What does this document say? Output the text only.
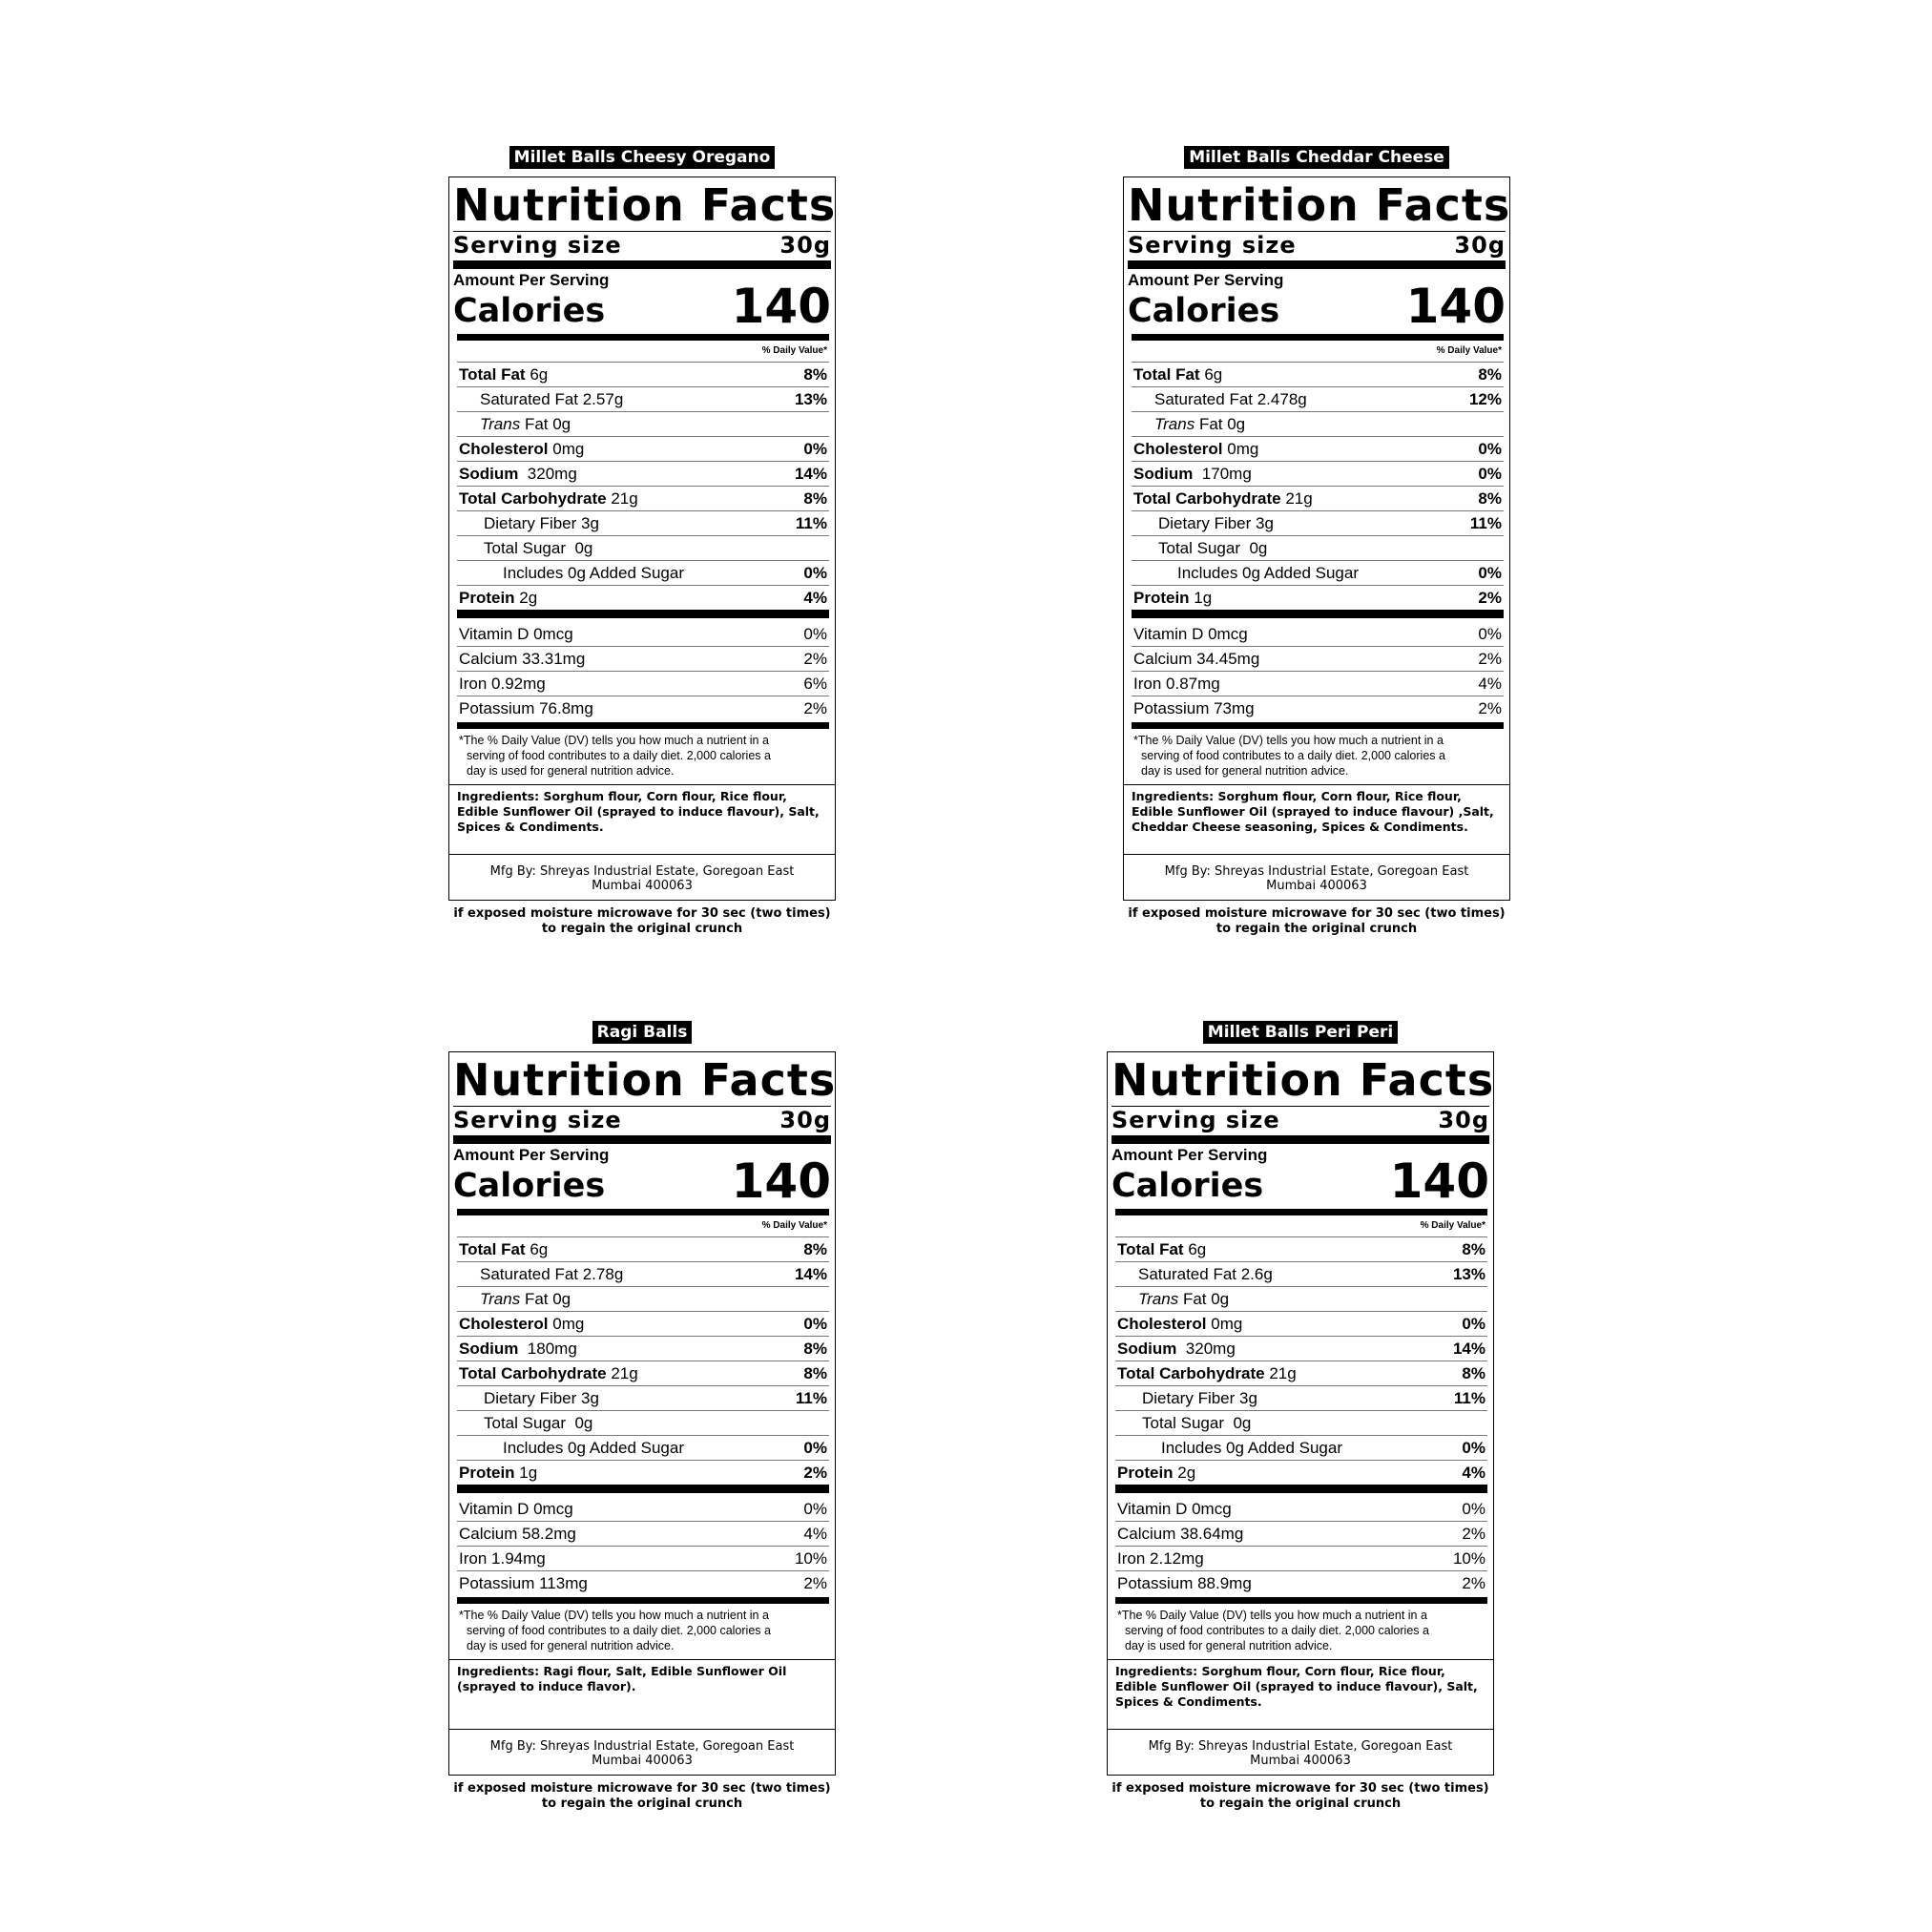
Millet Balls Cheesy Oregano
Nutrition Facts
Serving size	30g
Amount Per Serving
Calories	140
% Daily Value*
Total Fat 6g	8%
Saturated Fat 2.57g	13%
Trans Fat 0g
Cholesterol 0mg	0%
Sodium 320mg	14%
Total Carbohydrate 21g	8%
Dietary Fiber 3g	11%
Total Sugar  0g
Includes 0g Added Sugar	0%
Protein 2g	4%
Vitamin D 0mcg	0%
Calcium 33.31mg	2%
Iron 0.92mg	6%
Potassium 76.8mg	2%
*The % Daily Value (DV) tells you how much a nutrient in a
serving of food contributes to a daily diet. 2,000 calories a
day is used for general nutrition advice.
Ingredients: Sorghum flour, Corn flour, Rice flour, Edible Sunflower Oil (sprayed to induce flavour), Salt, Spices & Condiments.
Mfg By: Shreyas Industrial Estate, Goregoan East
Mumbai 400063
if exposed moisture microwave for 30 sec (two times)
to regain the original crunch
Millet Balls Cheddar Cheese
Nutrition Facts
Serving size	30g
Amount Per Serving
Calories	140
% Daily Value*
Total Fat 6g	8%
Saturated Fat 2.478g	12%
Trans Fat 0g
Cholesterol 0mg	0%
Sodium 170mg	0%
Total Carbohydrate 21g	8%
Dietary Fiber 3g	11%
Total Sugar  0g
Includes 0g Added Sugar	0%
Protein 1g	2%
Vitamin D 0mcg	0%
Calcium 34.45mg	2%
Iron 0.87mg	4%
Potassium 73mg	2%
*The % Daily Value (DV) tells you how much a nutrient in a
serving of food contributes to a daily diet. 2,000 calories a
day is used for general nutrition advice.
Ingredients: Sorghum flour, Corn flour, Rice flour, Edible Sunflower Oil (sprayed to induce flavour) ,Salt, Cheddar Cheese seasoning, Spices & Condiments.
Mfg By: Shreyas Industrial Estate, Goregoan East
Mumbai 400063
if exposed moisture microwave for 30 sec (two times)
to regain the original crunch
Ragi Balls
Nutrition Facts
Serving size	30g
Amount Per Serving
Calories	140
% Daily Value*
Total Fat 6g	8%
Saturated Fat 2.78g	14%
Trans Fat 0g
Cholesterol 0mg	0%
Sodium 180mg	8%
Total Carbohydrate 21g	8%
Dietary Fiber 3g	11%
Total Sugar  0g
Includes 0g Added Sugar	0%
Protein 1g	2%
Vitamin D 0mcg	0%
Calcium 58.2mg	4%
Iron 1.94mg	10%
Potassium 113mg	2%
*The % Daily Value (DV) tells you how much a nutrient in a
serving of food contributes to a daily diet. 2,000 calories a
day is used for general nutrition advice.
Ingredients: Ragi flour, Salt, Edible Sunflower Oil (sprayed to induce flavor).
Mfg By: Shreyas Industrial Estate, Goregoan East
Mumbai 400063
if exposed moisture microwave for 30 sec (two times)
to regain the original crunch
Millet Balls Peri Peri
Nutrition Facts
Serving size	30g
Amount Per Serving
Calories	140
% Daily Value*
Total Fat 6g	8%
Saturated Fat 2.6g	13%
Trans Fat 0g
Cholesterol 0mg	0%
Sodium 320mg	14%
Total Carbohydrate 21g	8%
Dietary Fiber 3g	11%
Total Sugar  0g
Includes 0g Added Sugar	0%
Protein 2g	4%
Vitamin D 0mcg	0%
Calcium 38.64mg	2%
Iron 2.12mg	10%
Potassium 88.9mg	2%
*The % Daily Value (DV) tells you how much a nutrient in a
serving of food contributes to a daily diet. 2,000 calories a
day is used for general nutrition advice.
Ingredients: Sorghum flour, Corn flour, Rice flour, Edible Sunflower Oil (sprayed to induce flavour), Salt, Spices & Condiments.
Mfg By: Shreyas Industrial Estate, Goregoan East
Mumbai 400063
if exposed moisture microwave for 30 sec (two times)
to regain the original crunch
